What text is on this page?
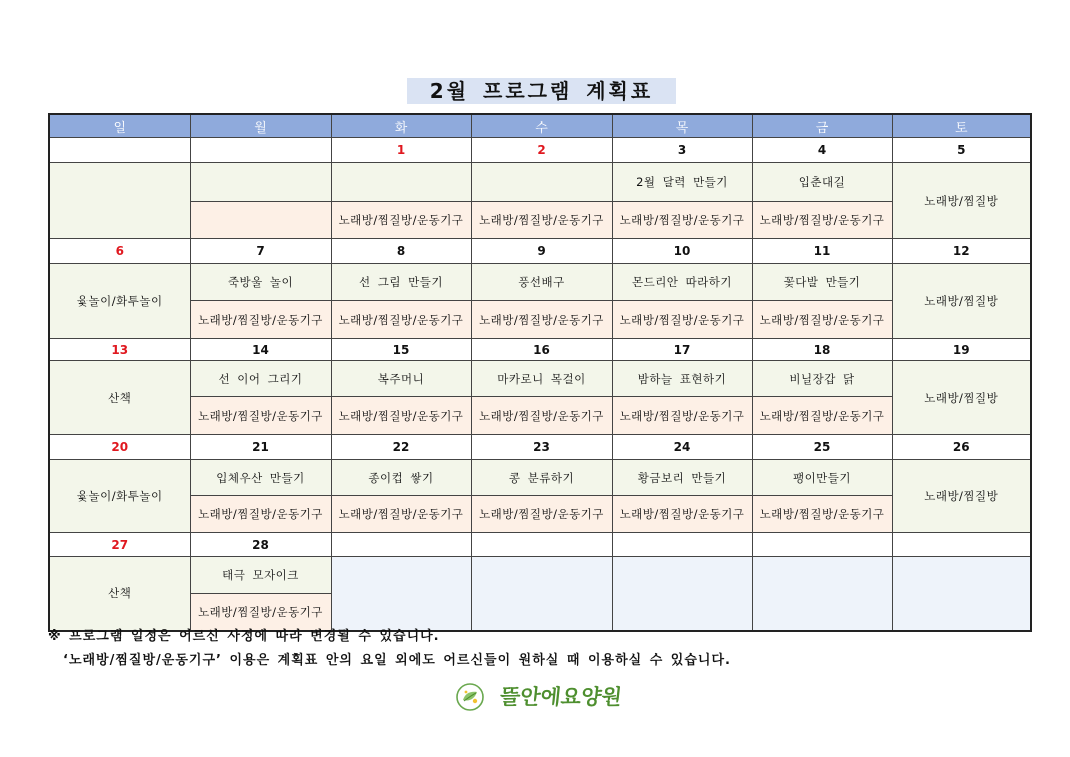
2월 프로그램 계획표
일	월	화	수	목	금	토
		1	2	3	4	5
				2월 달력 만들기	입춘대길	노래방/찜질방
		노래방/찜질방/운동기구	노래방/찜질방/운동기구	노래방/찜질방/운동기구	노래방/찜질방/운동기구	
6	7	8	9	10	11	12
윷놀이/화투놀이	죽방울 놀이	선 그림 만들기	풍선배구	몬드리안 따라하기	꽃다발 만들기	노래방/찜질방
	노래방/찜질방/운동기구	노래방/찜질방/운동기구	노래방/찜질방/운동기구	노래방/찜질방/운동기구	노래방/찜질방/운동기구	
13	14	15	16	17	18	19
산책	선 이어 그리기	복주머니	마카로니 목걸이	밤하늘 표현하기	비닐장갑 닭	노래방/찜질방
	노래방/찜질방/운동기구	노래방/찜질방/운동기구	노래방/찜질방/운동기구	노래방/찜질방/운동기구	노래방/찜질방/운동기구	
20	21	22	23	24	25	26
윷놀이/화투놀이	입체우산 만들기	종이컵 쌓기	콩 분류하기	황금보리 만들기	팽이만들기	노래방/찜질방
	노래방/찜질방/운동기구	노래방/찜질방/운동기구	노래방/찜질방/운동기구	노래방/찜질방/운동기구	노래방/찜질방/운동기구	
27	28					
산책	태극 모자이크					
	노래방/찜질방/운동기구					
※ 프로그램 일정은 어르신 사정에 따라 변경될 수 있습니다.
‘노래방/찜질방/운동기구’ 이용은 계획표 안의 요일 외에도 어르신들이 원하실 때 이용하실 수 있습니다.
뜰안에요양원
